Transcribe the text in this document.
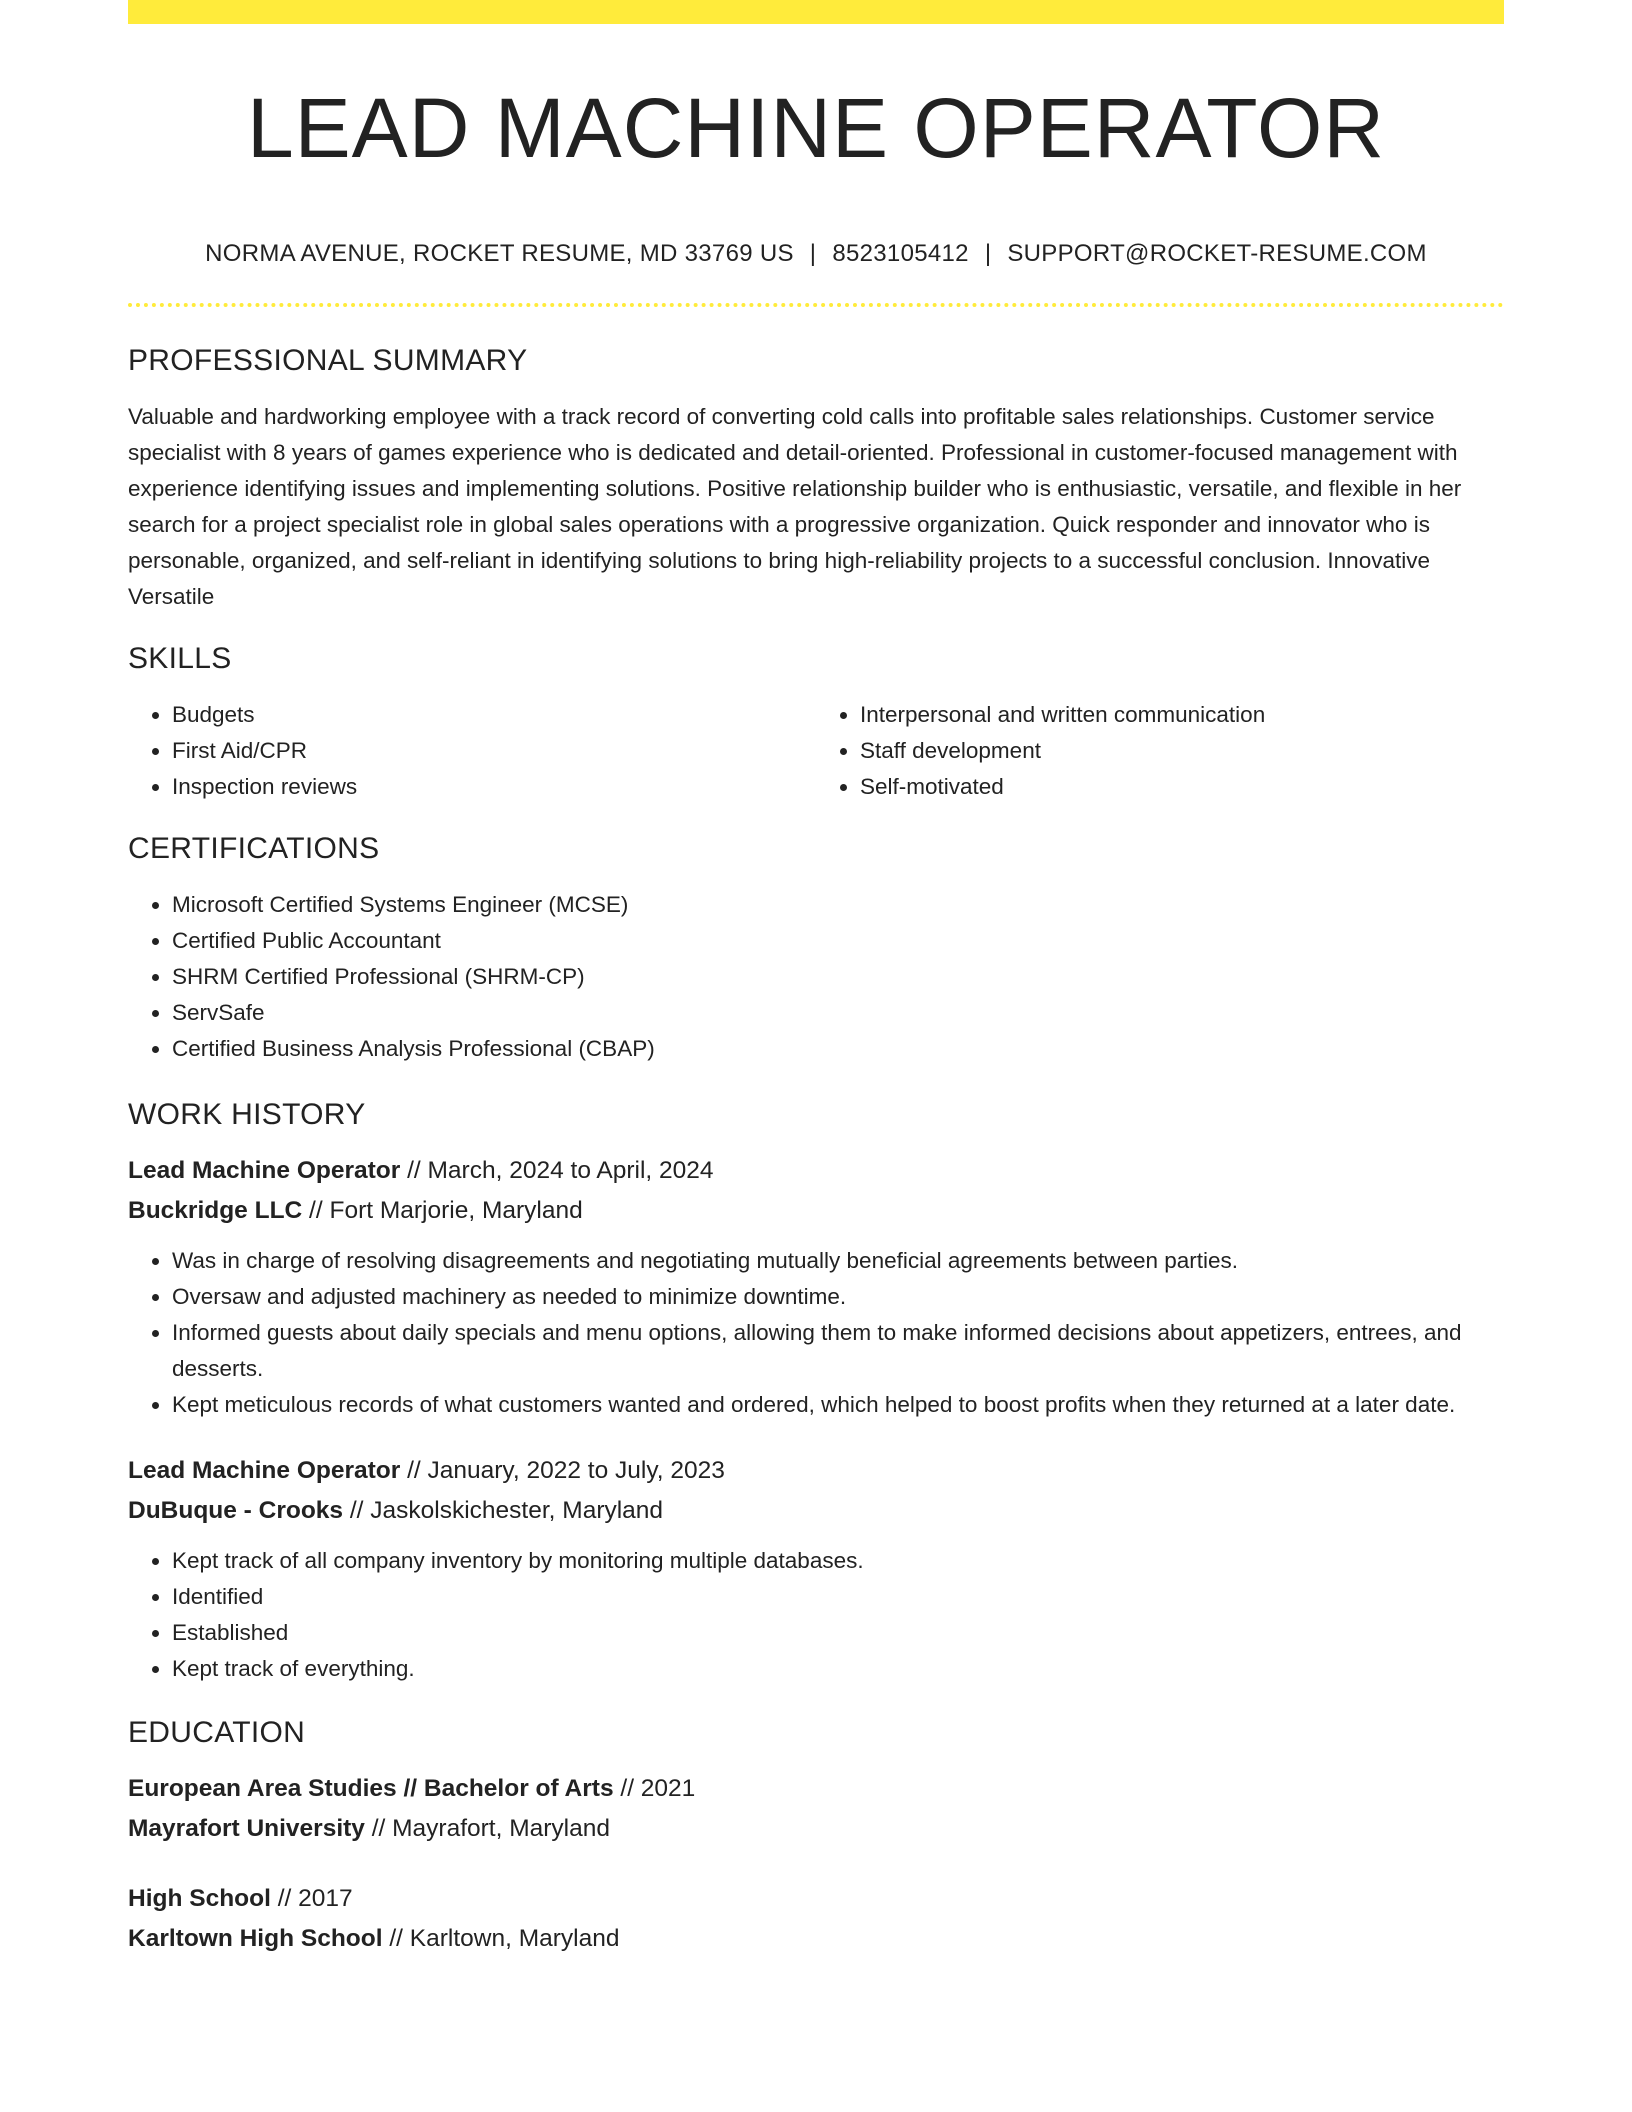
LEAD MACHINE OPERATOR
NORMA AVENUE, ROCKET RESUME, MD 33769 US | 8523105412 | SUPPORT@ROCKET-RESUME.COM
PROFESSIONAL SUMMARY

Valuable and hardworking employee with a track record of converting cold calls into profitable sales relationships. Customer service specialist with 8 years of games experience who is dedicated and detail-oriented. Professional in customer-focused management with experience identifying issues and implementing solutions. Positive relationship builder who is enthusiastic, versatile, and flexible in her search for a project specialist role in global sales operations with a progressive organization. Quick responder and innovator who is personable, organized, and self-reliant in identifying solutions to bring high-reliability projects to a successful conclusion. Innovative Versatile

SKILLS
• Budgets
• First Aid/CPR
• Inspection reviews
• Interpersonal and written communication
• Staff development
• Self-motivated
CERTIFICATIONS
• Microsoft Certified Systems Engineer (MCSE)
• Certified Public Accountant
• SHRM Certified Professional (SHRM-CP)
• ServSafe
• Certified Business Analysis Professional (CBAP)
WORK HISTORY

Lead Machine Operator // March, 2024 to April, 2024

Buckridge LLC // Fort Marjorie, Maryland

• Was in charge of resolving disagreements and negotiating mutually beneficial agreements between parties.
• Oversaw and adjusted machinery as needed to minimize downtime.
• Informed guests about daily specials and menu options, allowing them to make informed decisions about appetizers, entrees, and desserts.
• Kept meticulous records of what customers wanted and ordered, which helped to boost profits when they returned at a later date.

Lead Machine Operator // January, 2022 to July, 2023

DuBuque - Crooks // Jaskolskichester, Maryland

• Kept track of all company inventory by monitoring multiple databases.
• Identified
• Established
• Kept track of everything.
EDUCATION

European Area Studies // Bachelor of Arts // 2021

Mayrafort University // Mayrafort, Maryland

High School // 2017

Karltown High School // Karltown, Maryland
